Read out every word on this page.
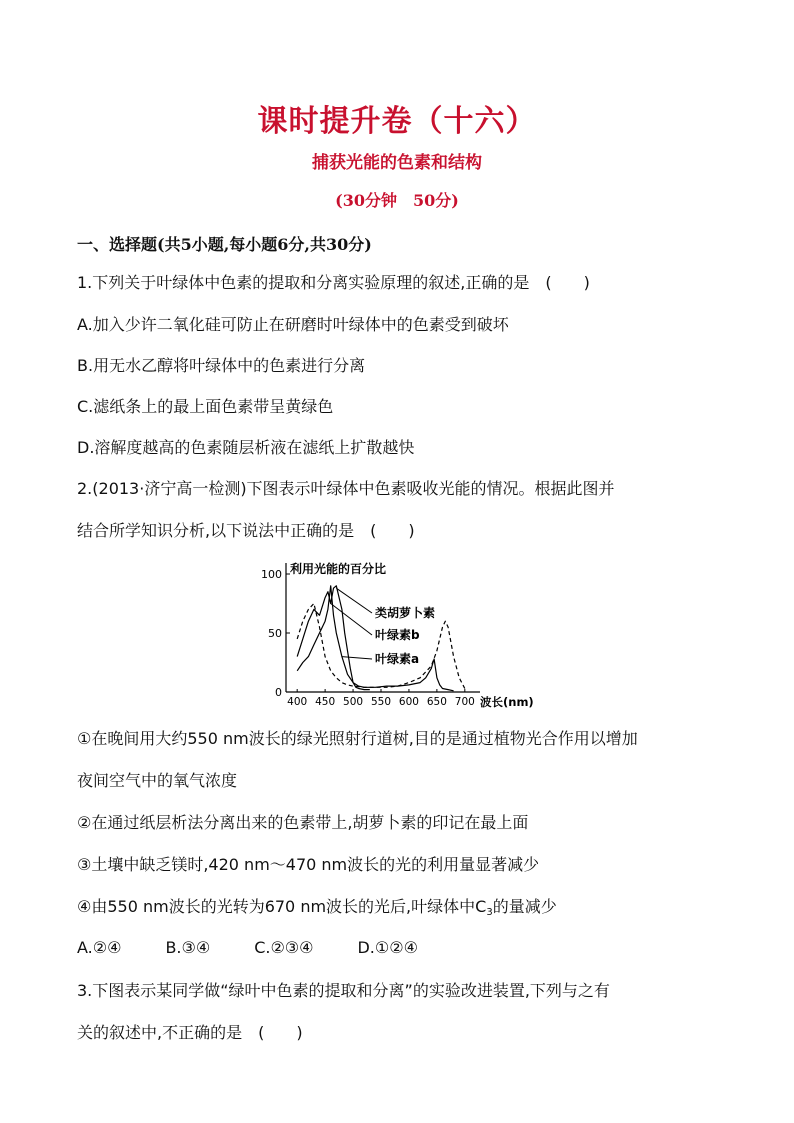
课时提升卷（十六）
捕获光能的色素和结构
(30分钟　50分)
一、选择题(共5小题,每小题6分,共30分)
1.下列关于叶绿体中色素的提取和分离实验原理的叙述,正确的是　(　　)
A.加入少许二氧化硅可防止在研磨时叶绿体中的色素受到破坏
B.用无水乙醇将叶绿体中的色素进行分离
C.滤纸条上的最上面色素带呈黄绿色
D.溶解度越高的色素随层析液在滤纸上扩散越快
2.(2013·济宁高一检测)下图表示叶绿体中色素吸收光能的情况。根据此图并
结合所学知识分析,以下说法中正确的是　(　　)
0
50
100
400 450 500 550 600 650 700
利用光能的百分比
波长(nm)
类胡萝卜素
叶绿素b
叶绿素a
①在晚间用大约550 nm波长的绿光照射行道树,目的是通过植物光合作用以增加
夜间空气中的氧气浓度
②在通过纸层析法分离出来的色素带上,胡萝卜素的印记在最上面
③土壤中缺乏镁时,420 nm～470 nm波长的光的利用量显著减少
④由550 nm波长的光转为670 nm波长的光后,叶绿体中$C_3$的量减少
A.②④	B.③④	C.②③④	D.①②④
3.下图表示某同学做“绿叶中色素的提取和分离”的实验改进装置,下列与之有
关的叙述中,不正确的是　(　　)
